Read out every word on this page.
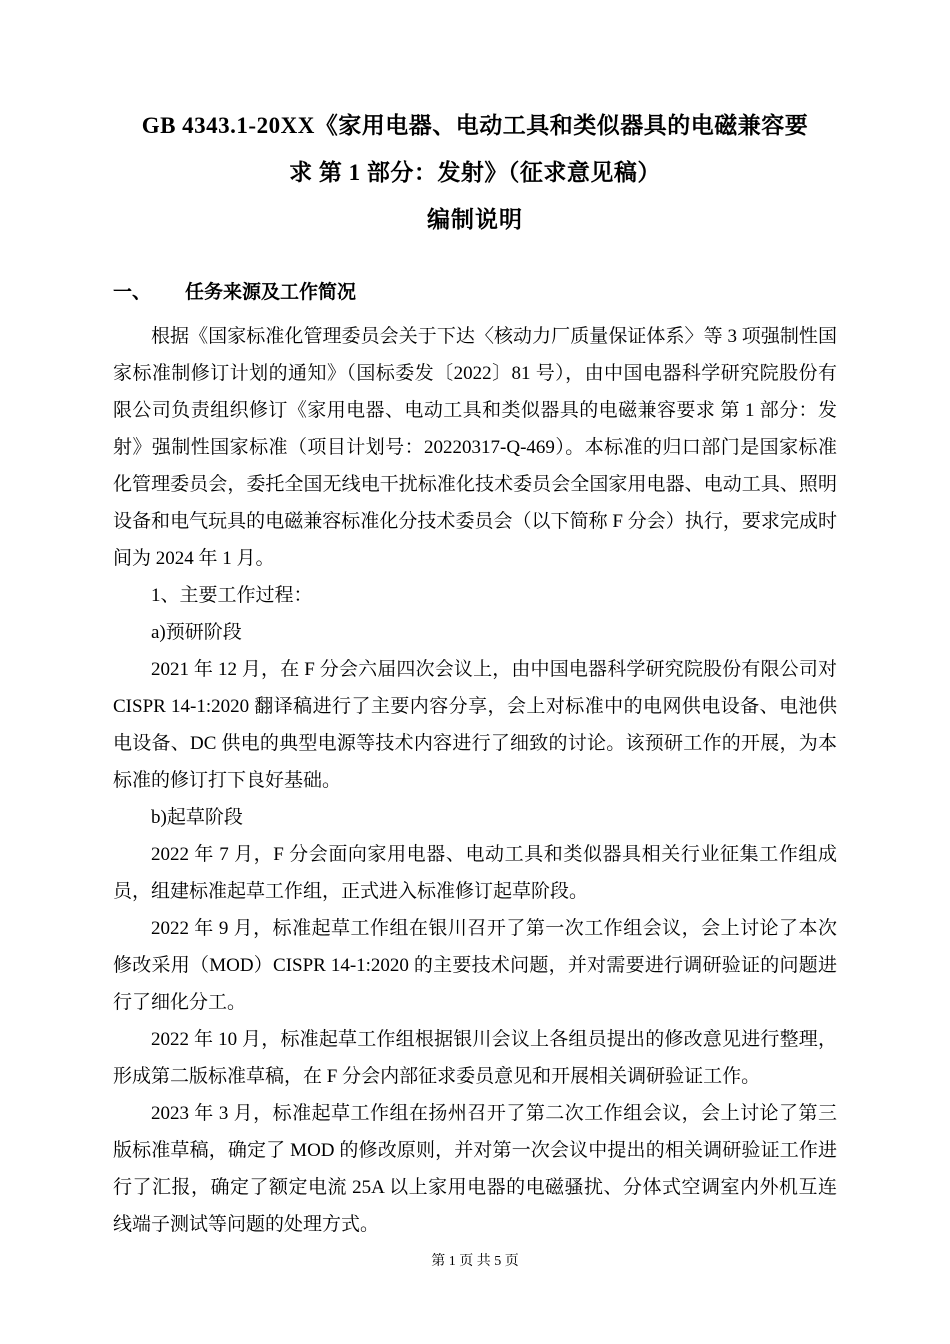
GB 4343.1-20XX《家用电器、电动工具和类似器具的电磁兼容要
求 第 1 部分：发射》（征求意见稿）
编制说明
一、 任务来源及工作简况

根据《国家标准化管理委员会关于下达〈核动力厂质量保证体系〉等 3 项强制性国家标准制修订计划的通知》（国标委发〔2022〕81 号），由中国电器科学研究院股份有限公司负责组织修订《家用电器、电动工具和类似器具的电磁兼容要求 第 1 部分：发射》强制性国家标准（项目计划号：20220317-Q-469）。本标准的归口部门是国家标准化管理委员会，委托全国无线电干扰标准化技术委员会全国家用电器、电动工具、照明设备和电气玩具的电磁兼容标准化分技术委员会（以下简称 F 分会）执行，要求完成时间为 2024 年 1 月。

1、主要工作过程：

a)预研阶段

2021 年 12 月，在 F 分会六届四次会议上，由中国电器科学研究院股份有限公司对 CISPR 14-1:2020 翻译稿进行了主要内容分享，会上对标准中的电网供电设备、电池供电设备、DC 供电的典型电源等技术内容进行了细致的讨论。该预研工作的开展，为本标准的修订打下良好基础。

b)起草阶段

2022 年 7 月，F 分会面向家用电器、电动工具和类似器具相关行业征集工作组成员，组建标准起草工作组，正式进入标准修订起草阶段。

2022 年 9 月，标准起草工作组在银川召开了第一次工作组会议，会上讨论了本次修改采用（MOD）CISPR 14-1:2020 的主要技术问题，并对需要进行调研验证的问题进行了细化分工。

2022 年 10 月，标准起草工作组根据银川会议上各组员提出的修改意见进行整理，形成第二版标准草稿，在 F 分会内部征求委员意见和开展相关调研验证工作。

2023 年 3 月，标准起草工作组在扬州召开了第二次工作组会议，会上讨论了第三版标准草稿，确定了 MOD 的修改原则，并对第一次会议中提出的相关调研验证工作进行了汇报，确定了额定电流 25A 以上家用电器的电磁骚扰、分体式空调室内外机互连线端子测试等问题的处理方式。

第 1 页 共 5 页
